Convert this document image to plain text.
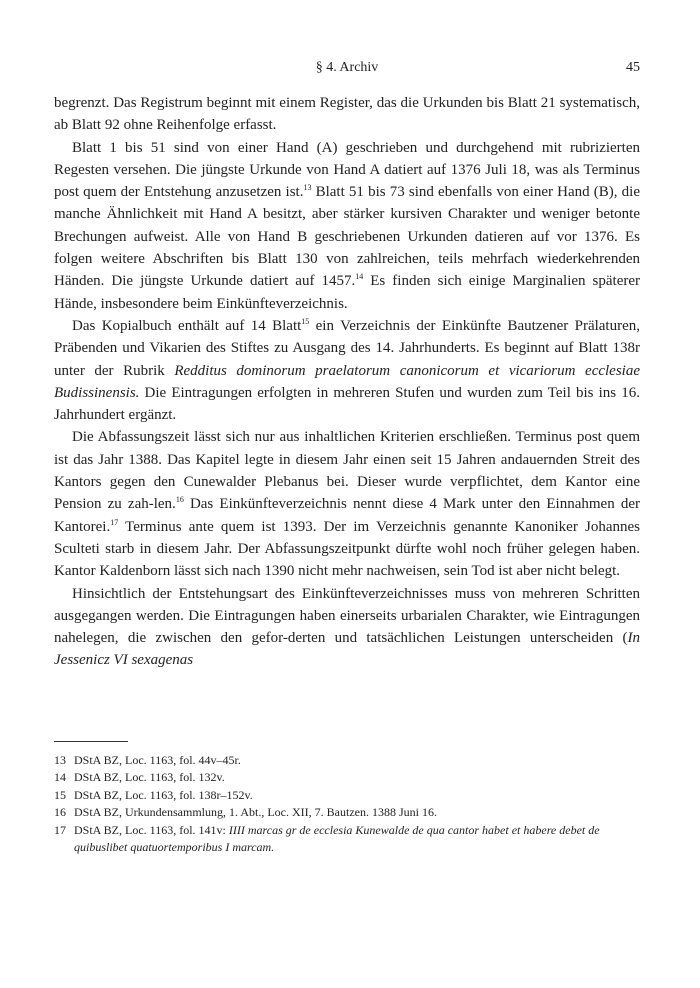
§ 4. Archiv	45

begrenzt. Das Registrum beginnt mit einem Register, das die Urkunden bis Blatt 21 systematisch, ab Blatt 92 ohne Reihenfolge erfasst.

Blatt 1 bis 51 sind von einer Hand (A) geschrieben und durchgehend mit rubrizierten Regesten versehen. Die jüngste Urkunde von Hand A datiert auf 1376 Juli 18, was als Terminus post quem der Entstehung anzusetzen ist.$^{13}$ Blatt 51 bis 73 sind ebenfalls von einer Hand (B), die manche Ähnlichkeit mit Hand A besitzt, aber stärker kursiven Charakter und weniger betonte Brechungen aufweist. Alle von Hand B geschriebenen Urkunden datieren auf vor 1376. Es folgen weitere Abschriften bis Blatt 130 von zahlreichen, teils mehrfach wiederkehrenden Händen. Die jüngste Urkunde datiert auf 1457.14 Es finden sich einige Marginalien späterer Hände, insbesondere beim Einkünfteverzeichnis.

Das Kopialbuch enthält auf 14 Blatt$^{15}$ ein Verzeichnis der Einkünfte Bautzener Prälaturen, Präbenden und Vikarien des Stiftes zu Ausgang des 14. Jahrhunderts. Es beginnt auf Blatt 138r unter der Rubrik Redditus dominorum praelatorum canonicorum et vicariorum ecclesiae Budissinensis. Die Eintragungen erfolgten in mehreren Stufen und wurden zum Teil bis ins 16. Jahrhundert ergänzt.

Die Abfassungszeit lässt sich nur aus inhaltlichen Kriterien erschließen. Terminus post quem ist das Jahr 1388. Das Kapitel legte in diesem Jahr einen seit 15 Jahren andauernden Streit des Kantors gegen den Cunewalder Plebanus bei. Dieser wurde verpflichtet, dem Kantor eine Pension zu zah-len.$^{16}$ Das Einkünfteverzeichnis nennt diese 4 Mark unter den Einnahmen der Kantorei.$^{17}$ Terminus ante quem ist 1393. Der im Verzeichnis genannte Kanoniker Johannes Sculteti starb in diesem Jahr. Der Abfassungszeitpunkt dürfte wohl noch früher gelegen haben. Kantor Kaldenborn lässt sich nach 1390 nicht mehr nachweisen, sein Tod ist aber nicht belegt.

Hinsichtlich der Entstehungsart des Einkünfteverzeichnisses muss von mehreren Schritten ausgegangen werden. Die Eintragungen haben einerseits urbarialen Charakter, wie Eintragungen nahelegen, die zwischen den gefor-derten und tatsächlichen Leistungen unterscheiden (In Jessenicz VI sexagenas

13 DStA BZ, Loc. 1163, fol. 44v–45r.
14 DStA BZ, Loc. 1163, fol. 132v.
15 DStA BZ, Loc. 1163, fol. 138r–152v.
16 DStA BZ, Urkundensammlung, 1. Abt., Loc. XII, 7. Bautzen. 1388 Juni 16.
17 DStA BZ, Loc. 1163, fol. 141v: IIII marcas gr de ecclesia Kunewalde de qua cantor habet et habere debet de quibuslibet quatuortemporibus I marcam.
